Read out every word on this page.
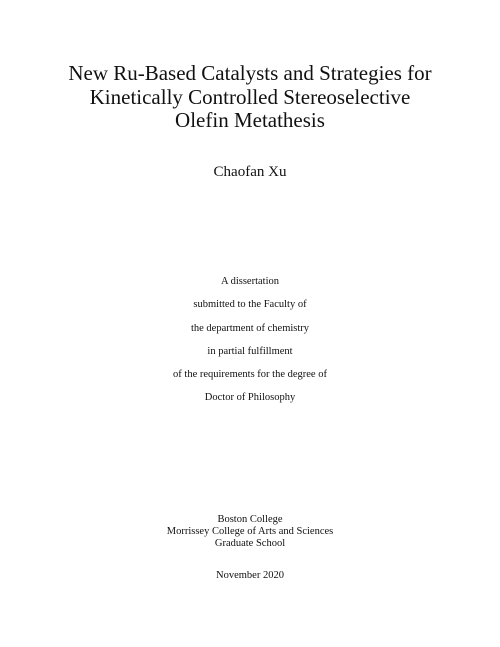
New Ru-Based Catalysts and Strategies for
Kinetically Controlled Stereoselective
Olefin Metathesis
Chaofan Xu
A dissertation
submitted to the Faculty of
the department of chemistry
in partial fulfillment
of the requirements for the degree of
Doctor of Philosophy
Boston College
Morrissey College of Arts and Sciences
Graduate School
November 2020
